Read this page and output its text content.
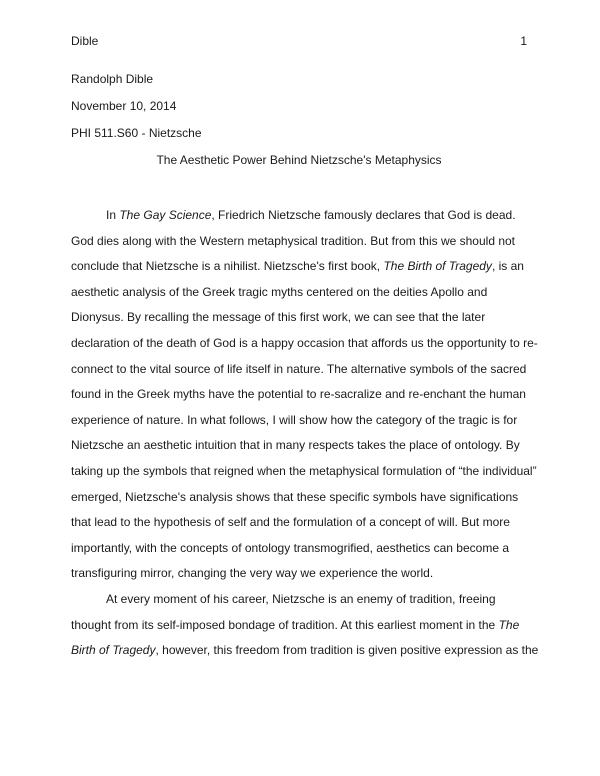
Dible	1
Randolph Dible
November 10, 2014
PHI 511.S60 - Nietzsche
The Aesthetic Power Behind Nietzsche's Metaphysics
In The Gay Science, Friedrich Nietzsche famously declares that God is dead.
God dies along with the Western metaphysical tradition. But from this we should not
conclude that Nietzsche is a nihilist. Nietzsche's first book, The Birth of Tragedy, is an
aesthetic analysis of the Greek tragic myths centered on the deities Apollo and
Dionysus. By recalling the message of this first work, we can see that the later
declaration of the death of God is a happy occasion that affords us the opportunity to re-
connect to the vital source of life itself in nature. The alternative symbols of the sacred
found in the Greek myths have the potential to re-sacralize and re-enchant the human
experience of nature. In what follows, I will show how the category of the tragic is for
Nietzsche an aesthetic intuition that in many respects takes the place of ontology. By
taking up the symbols that reigned when the metaphysical formulation of “the individual”
emerged, Nietzsche's analysis shows that these specific symbols have significations
that lead to the hypothesis of self and the formulation of a concept of will. But more
importantly, with the concepts of ontology transmogrified, aesthetics can become a
transfiguring mirror, changing the very way we experience the world.
At every moment of his career, Nietzsche is an enemy of tradition, freeing
thought from its self-imposed bondage of tradition. At this earliest moment in the The
Birth of Tragedy, however, this freedom from tradition is given positive expression as the
